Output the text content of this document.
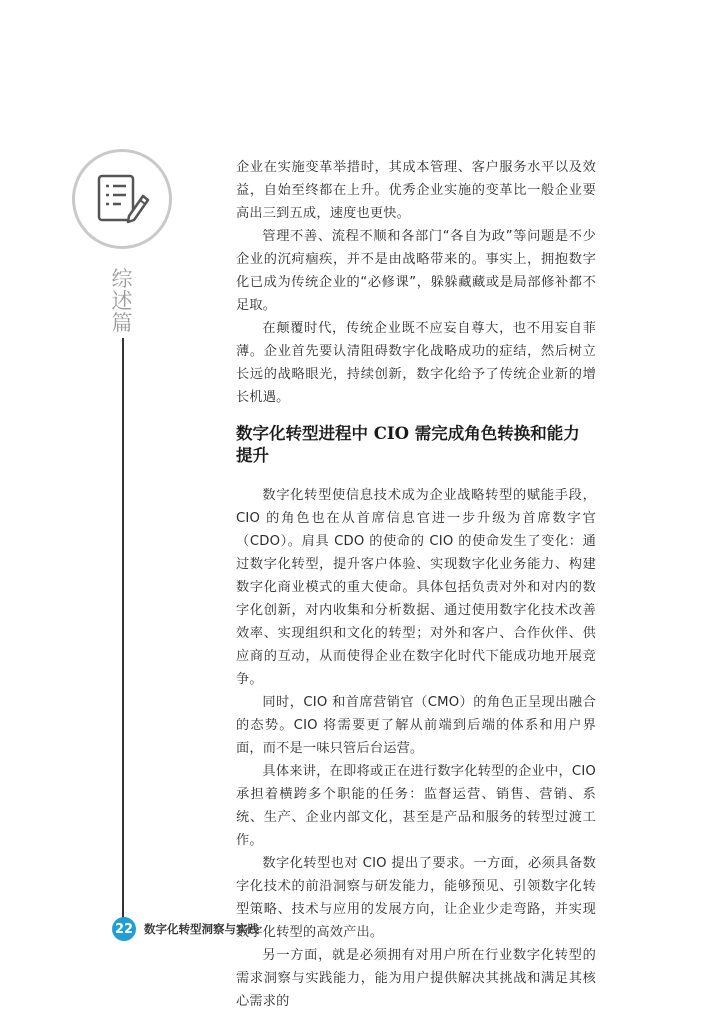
综
述
篇

企业在实施变革举措时，其成本管理、客户服务水平以及效益，自始至终都在上升。优秀企业实施的变革比一般企业要高出三到五成，速度也更快。

管理不善、流程不顺和各部门“各自为政”等问题是不少企业的沉疴痼疾，并不是由战略带来的。事实上，拥抱数字化已成为传统企业的“必修课”，躲躲藏藏或是局部修补都不足取。

在颠覆时代，传统企业既不应妄自尊大，也不用妄自菲薄。企业首先要认清阻碍数字化战略成功的症结，然后树立长远的战略眼光，持续创新，数字化给予了传统企业新的增长机遇。

数字化转型进程中 CIO 需完成角色转换和能力提升

数字化转型使信息技术成为企业战略转型的赋能手段，CIO 的角色也在从首席信息官进一步升级为首席数字官（CDO）。肩具 CDO 的使命的 CIO 的使命发生了变化：通过数字化转型，提升客户体验、实现数字化业务能力、构建数字化商业模式的重大使命。具体包括负责对外和对内的数字化创新，对内收集和分析数据、通过使用数字化技术改善效率、实现组织和文化的转型；对外和客户、合作伙伴、供应商的互动，从而使得企业在数字化时代下能成功地开展竞争。

同时，CIO 和首席营销官（CMO）的角色正呈现出融合的态势。CIO 将需要更了解从前端到后端的体系和用户界面，而不是一味只管后台运营。

具体来讲，在即将或正在进行数字化转型的企业中，CIO 承担着横跨多个职能的任务：监督运营、销售、营销、系统、生产、企业内部文化，甚至是产品和服务的转型过渡工作。

数字化转型也对 CIO 提出了要求。一方面，必须具备数字化技术的前沿洞察与研发能力，能够预见、引领数字化转型策略、技术与应用的发展方向，让企业少走弯路，并实现数字化转型的高效产出。

另一方面，就是必须拥有对用户所在行业数字化转型的需求洞察与实践能力，能为用户提供解决其挑战和满足其核心需求的

22 数字化转型洞察与实践
